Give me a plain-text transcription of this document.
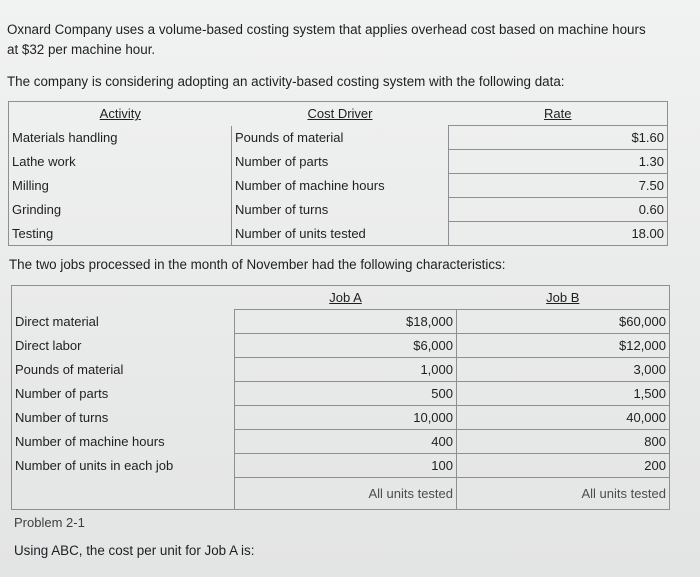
Oxnard Company uses a volume-based costing system that applies overhead cost based on machine hours
at $32 per machine hour.
The company is considering adopting an activity-based costing system with the following data:
Activity	Cost Driver	Rate
Materials handling	Pounds of material	$1.60
Lathe work	Number of parts	1.30
Milling	Number of machine hours	7.50
Grinding	Number of turns	0.60
Testing	Number of units tested	18.00
The two jobs processed in the month of November had the following characteristics:
	Job A	Job B
Direct material	$18,000	$60,000
Direct labor	$6,000	$12,000
Pounds of material	1,000	3,000
Number of parts	500	1,500
Number of turns	10,000	40,000
Number of machine hours	400	800
Number of units in each job	100	200
	All units tested	All units tested
Problem 2-1
Using ABC, the cost per unit for Job A is:
